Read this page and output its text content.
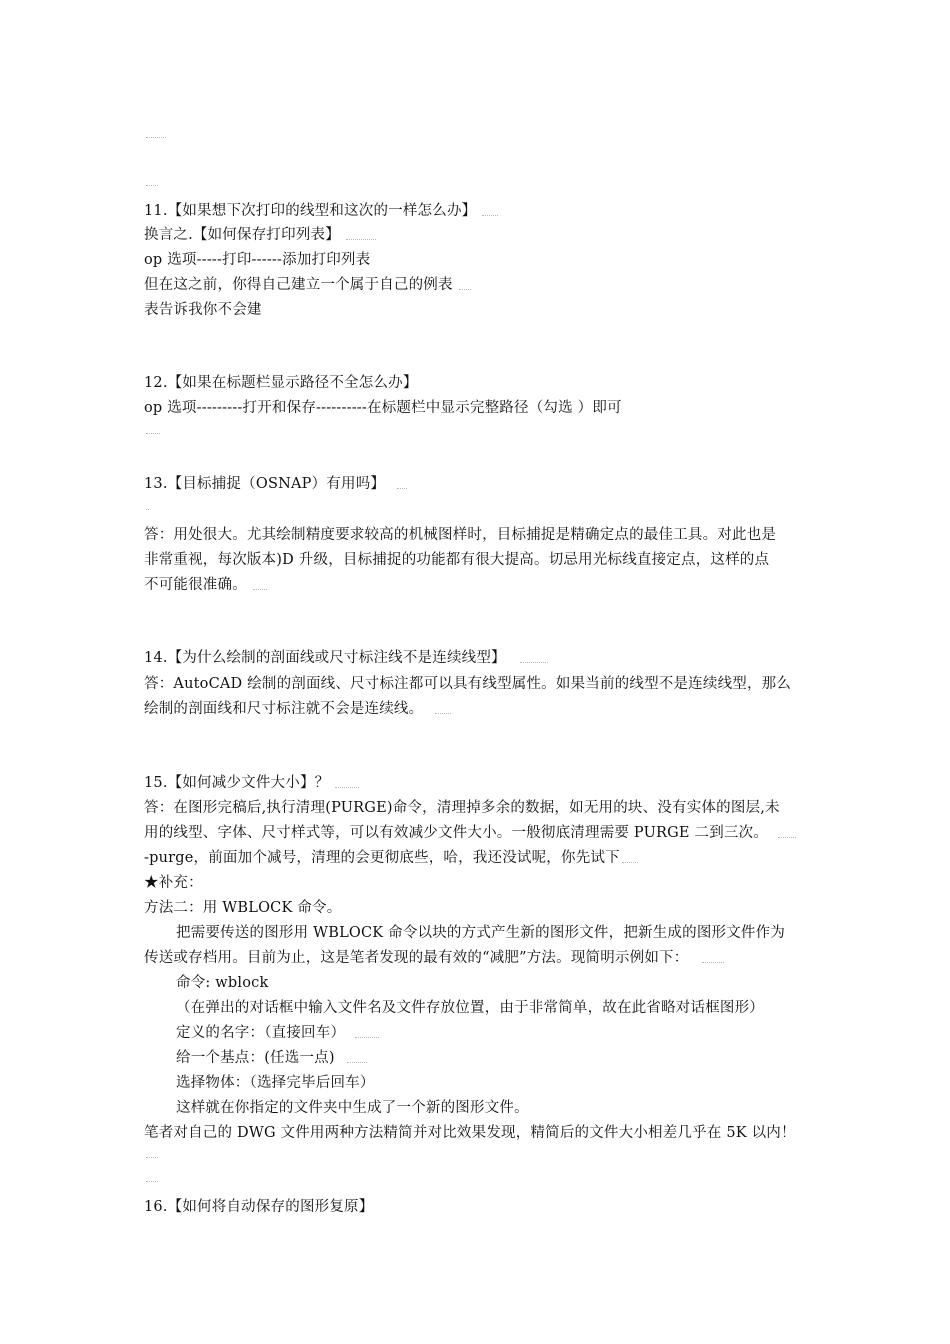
11.【如果想下次打印的线型和这次的一样怎么办】
换言之.【如何保存打印列表】
op 选项-----打印------添加打印列表
但在这之前，你得自己建立一个属于自己的例表
表告诉我你不会建
12.【如果在标题栏显示路径不全怎么办】
op 选项---------打开和保存----------在标题栏中显示完整路径（勾选 ）即可
13.【目标捕捉（OSNAP）有用吗】
答：用处很大。尤其绘制精度要求较高的机械图样时，目标捕捉是精确定点的最佳工具。对此也是
非常重视，每次版本)D 升级，目标捕捉的功能都有很大提高。切忌用光标线直接定点，这样的点
不可能很准确。
14.【为什么绘制的剖面线或尺寸标注线不是连续线型】
答：AutoCAD 绘制的剖面线、尺寸标注都可以具有线型属性。如果当前的线型不是连续线型，那么
绘制的剖面线和尺寸标注就不会是连续线。
15.【如何减少文件大小】？
答：在图形完稿后,执行清理(PURGE)命令，清理掉多余的数据，如无用的块、没有实体的图层,未
用的线型、字体、尺寸样式等，可以有效减少文件大小。一般彻底清理需要 PURGE 二到三次。
-purge，前面加个减号，清理的会更彻底些，哈，我还没试呢，你先试下
★补充：
方法二：用 WBLOCK 命令。
把需要传送的图形用 WBLOCK 命令以块的方式产生新的图形文件，把新生成的图形文件作为
传送或存档用。目前为止，这是笔者发现的最有效的“减肥”方法。现简明示例如下：
命令: wblock
（在弹出的对话框中输入文件名及文件存放位置，由于非常简单，故在此省略对话框图形）
定义的名字：（直接回车）
给一个基点：(任选一点)
选择物体：（选择完毕后回车）
这样就在你指定的文件夹中生成了一个新的图形文件。
笔者对自己的 DWG 文件用两种方法精简并对比效果发现，精简后的文件大小相差几乎在 5K 以内！
16.【如何将自动保存的图形复原】
